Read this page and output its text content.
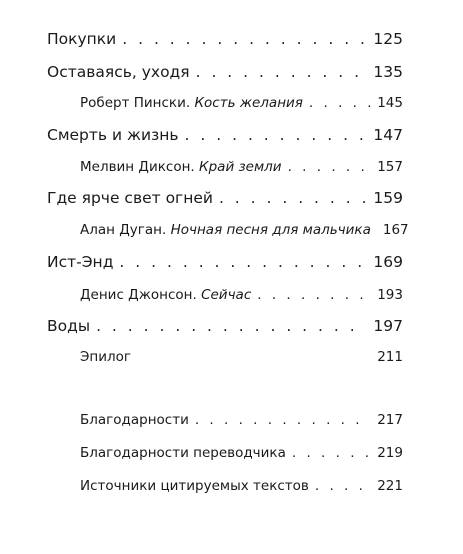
Покупки . . .	125
Оставаясь, уходя . . .	135
Роберт Пински. Кость желания . . .	145
Смерть и жизнь . . .	147
Мелвин Диксон. Край земли . . .	157
Где ярче свет огней . . .	159
Алан Дуган. Ночная песня для мальчика 167
Ист-Энд . . .	169
Денис Джонсон. Сейчас . . .	193
Воды . . .	197
Эпилог	211
Благодарности . . .	217
Благодарности переводчика . . .	219
Источники цитируемых текстов . . .	221
